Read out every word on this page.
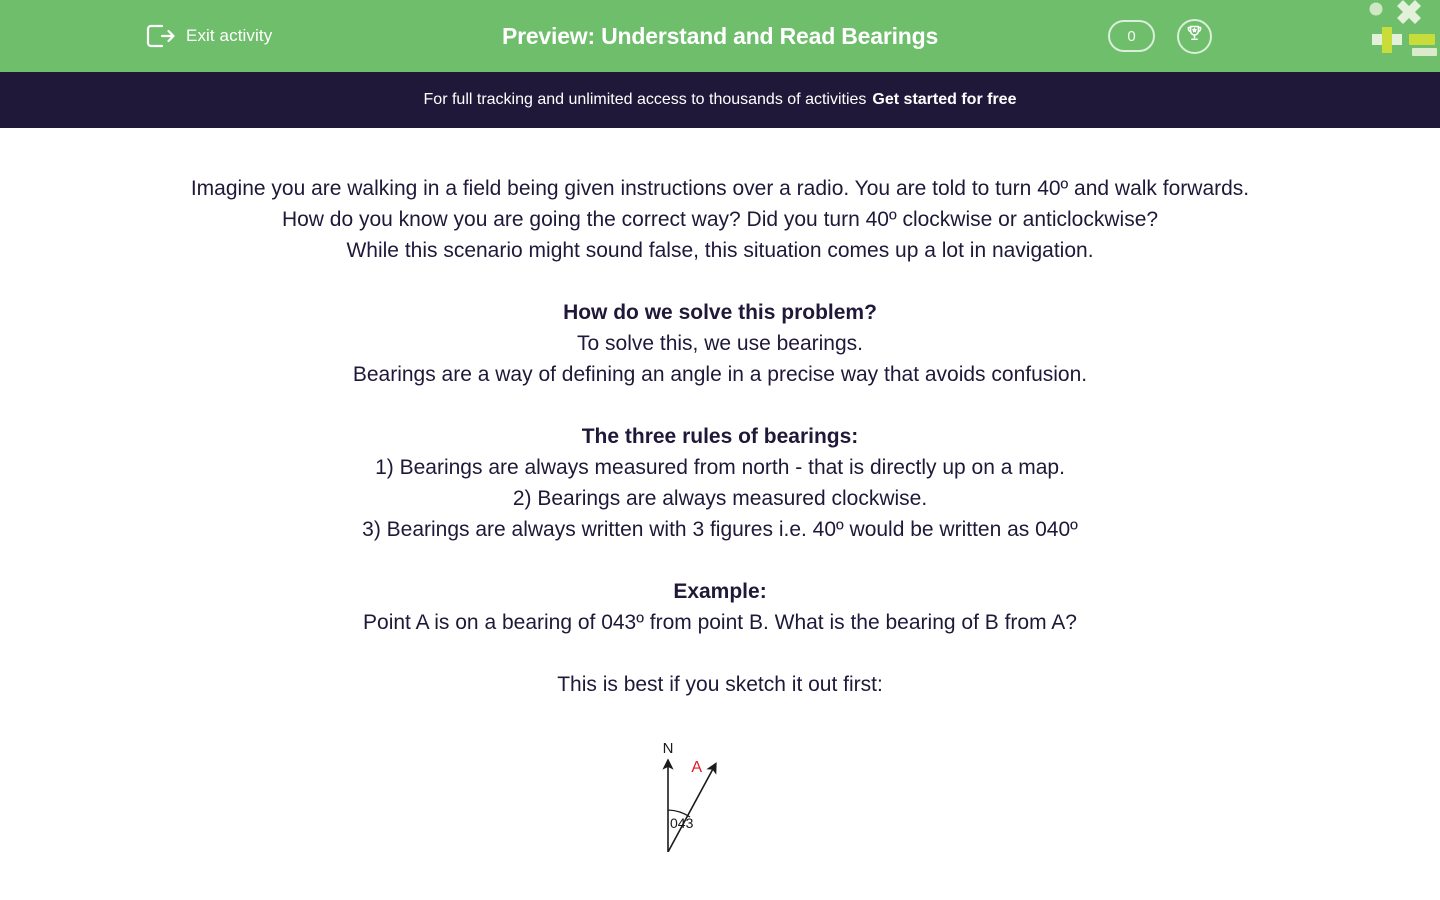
Exit activity	Preview: Understand and Read Bearings	0
For full tracking and unlimited access to thousands of activities Get started for free
Imagine you are walking in a field being given instructions over a radio. You are told to turn 40º and walk forwards.
How do you know you are going the correct way? Did you turn 40º clockwise or anticlockwise?
While this scenario might sound false, this situation comes up a lot in navigation.
How do we solve this problem?
To solve this, we use bearings.
Bearings are a way of defining an angle in a precise way that avoids confusion.
The three rules of bearings:
1) Bearings are always measured from north - that is directly up on a map.
2) Bearings are always measured clockwise.
3) Bearings are always written with 3 figures i.e. 40º would be written as 040º
Example:
Point A is on a bearing of 043º from point B. What is the bearing of B from A?
This is best if you sketch it out first:
N
043
A
